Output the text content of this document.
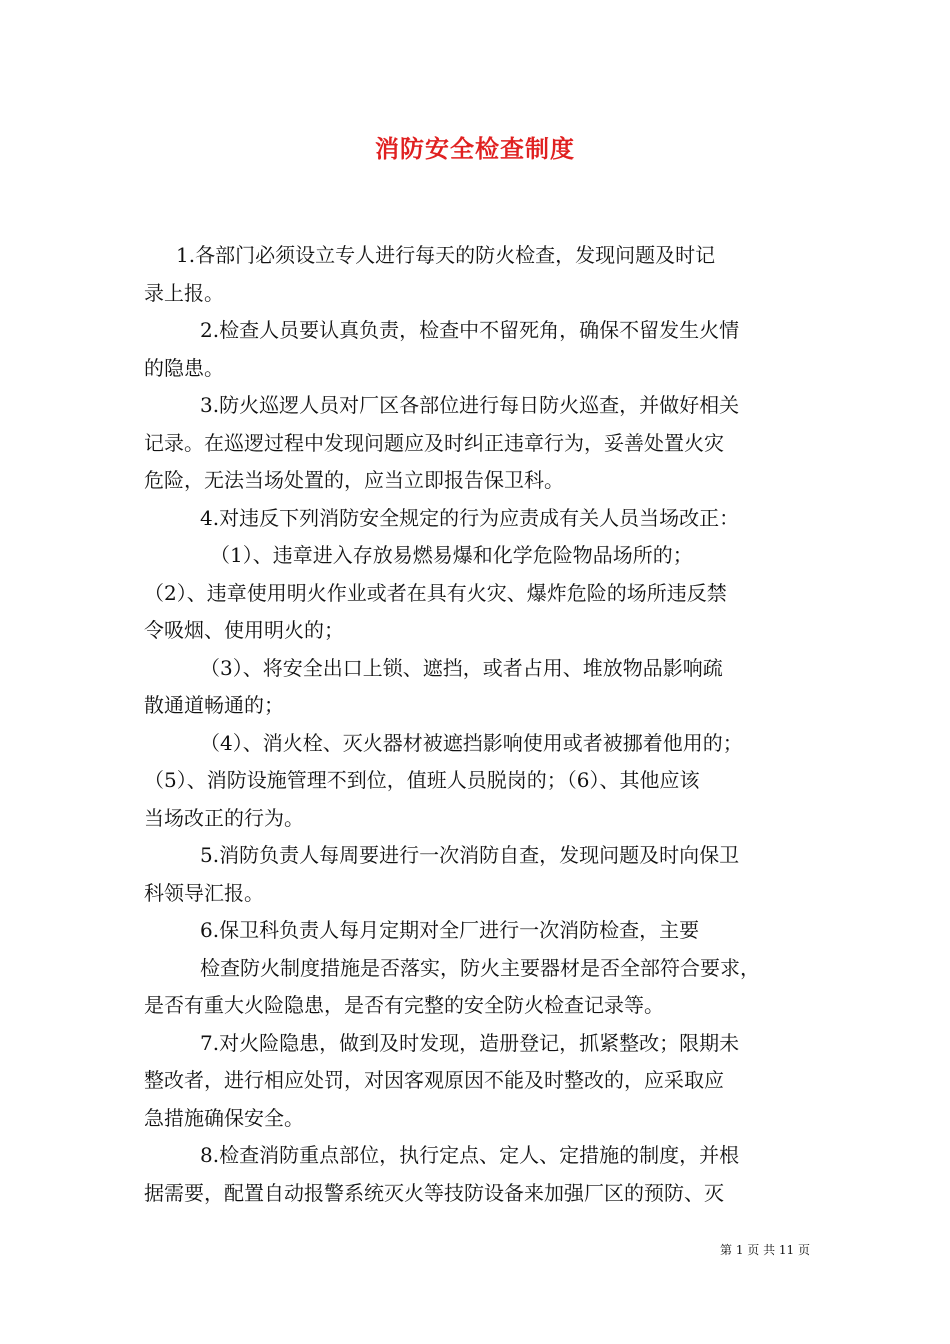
消防安全检查制度

1.各部门必须设立专人进行每天的防火检查，发现问题及时记

录上报。

2.检查人员要认真负责，检查中不留死角，确保不留发生火情

的隐患。

3.防火巡逻人员对厂区各部位进行每日防火巡查，并做好相关

记录。在巡逻过程中发现问题应及时纠正违章行为，妥善处置火灾

危险，无法当场处置的，应当立即报告保卫科。

4.对违反下列消防安全规定的行为应责成有关人员当场改正：

（1）、违章进入存放易燃易爆和化学危险物品场所的；

（2）、违章使用明火作业或者在具有火灾、爆炸危险的场所违反禁

令吸烟、使用明火的；

（3）、将安全出口上锁、遮挡，或者占用、堆放物品影响疏

散通道畅通的；

（4）、消火栓、灭火器材被遮挡影响使用或者被挪着他用的；

（5）、消防设施管理不到位，值班人员脱岗的；（6）、其他应该

当场改正的行为。

5.消防负责人每周要进行一次消防自查，发现问题及时向保卫

科领导汇报。

6.保卫科负责人每月定期对全厂进行一次消防检查，主要

检查防火制度措施是否落实，防火主要器材是否全部符合要求，

是否有重大火险隐患，是否有完整的安全防火检查记录等。

7.对火险隐患，做到及时发现，造册登记，抓紧整改；限期未

整改者，进行相应处罚，对因客观原因不能及时整改的，应采取应

急措施确保安全。

8.检查消防重点部位，执行定点、定人、定措施的制度，并根

据需要，配置自动报警系统灭火等技防设备来加强厂区的预防、灭

第 1 页 共 11 页
